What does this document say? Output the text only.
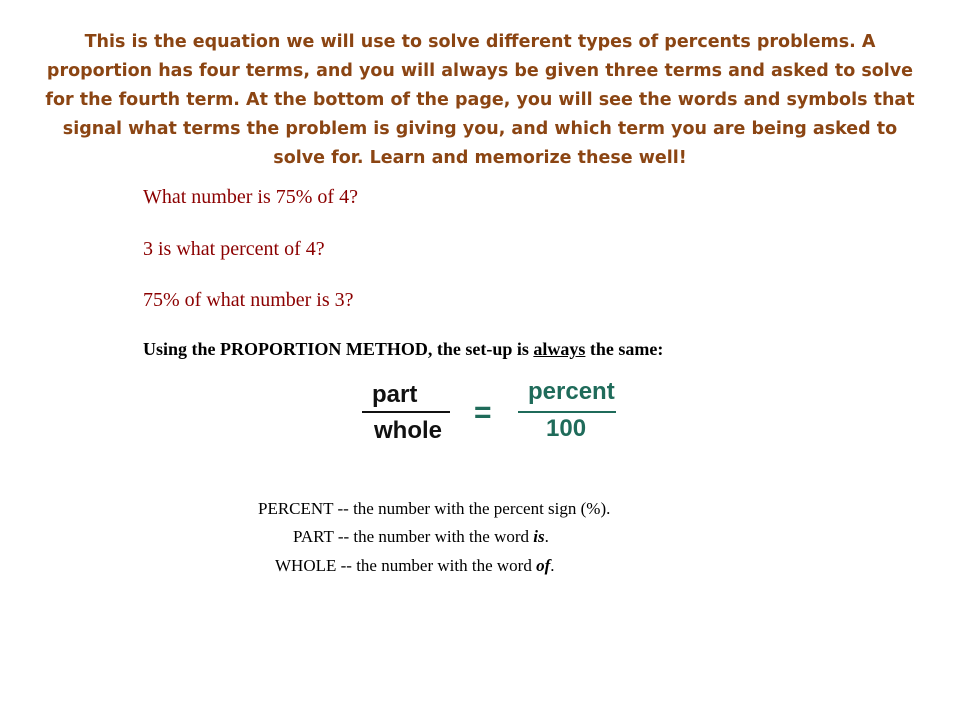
This is the equation we will use to solve different types of percents problems. A proportion has four terms, and you will always be given three terms and asked to solve for the fourth term. At the bottom of the page, you will see the words and symbols that signal what terms the problem is giving you, and which term you are being asked to solve for. Learn and memorize these well!

What number is 75% of 4?

3 is what percent of 4?

75% of what number is 3?

Using the PROPORTION METHOD, the set-up is always the same:

part
whole
=
percent
100

PERCENT -- the number with the percent sign (%).

PART -- the number with the word is.

WHOLE -- the number with the word of.
